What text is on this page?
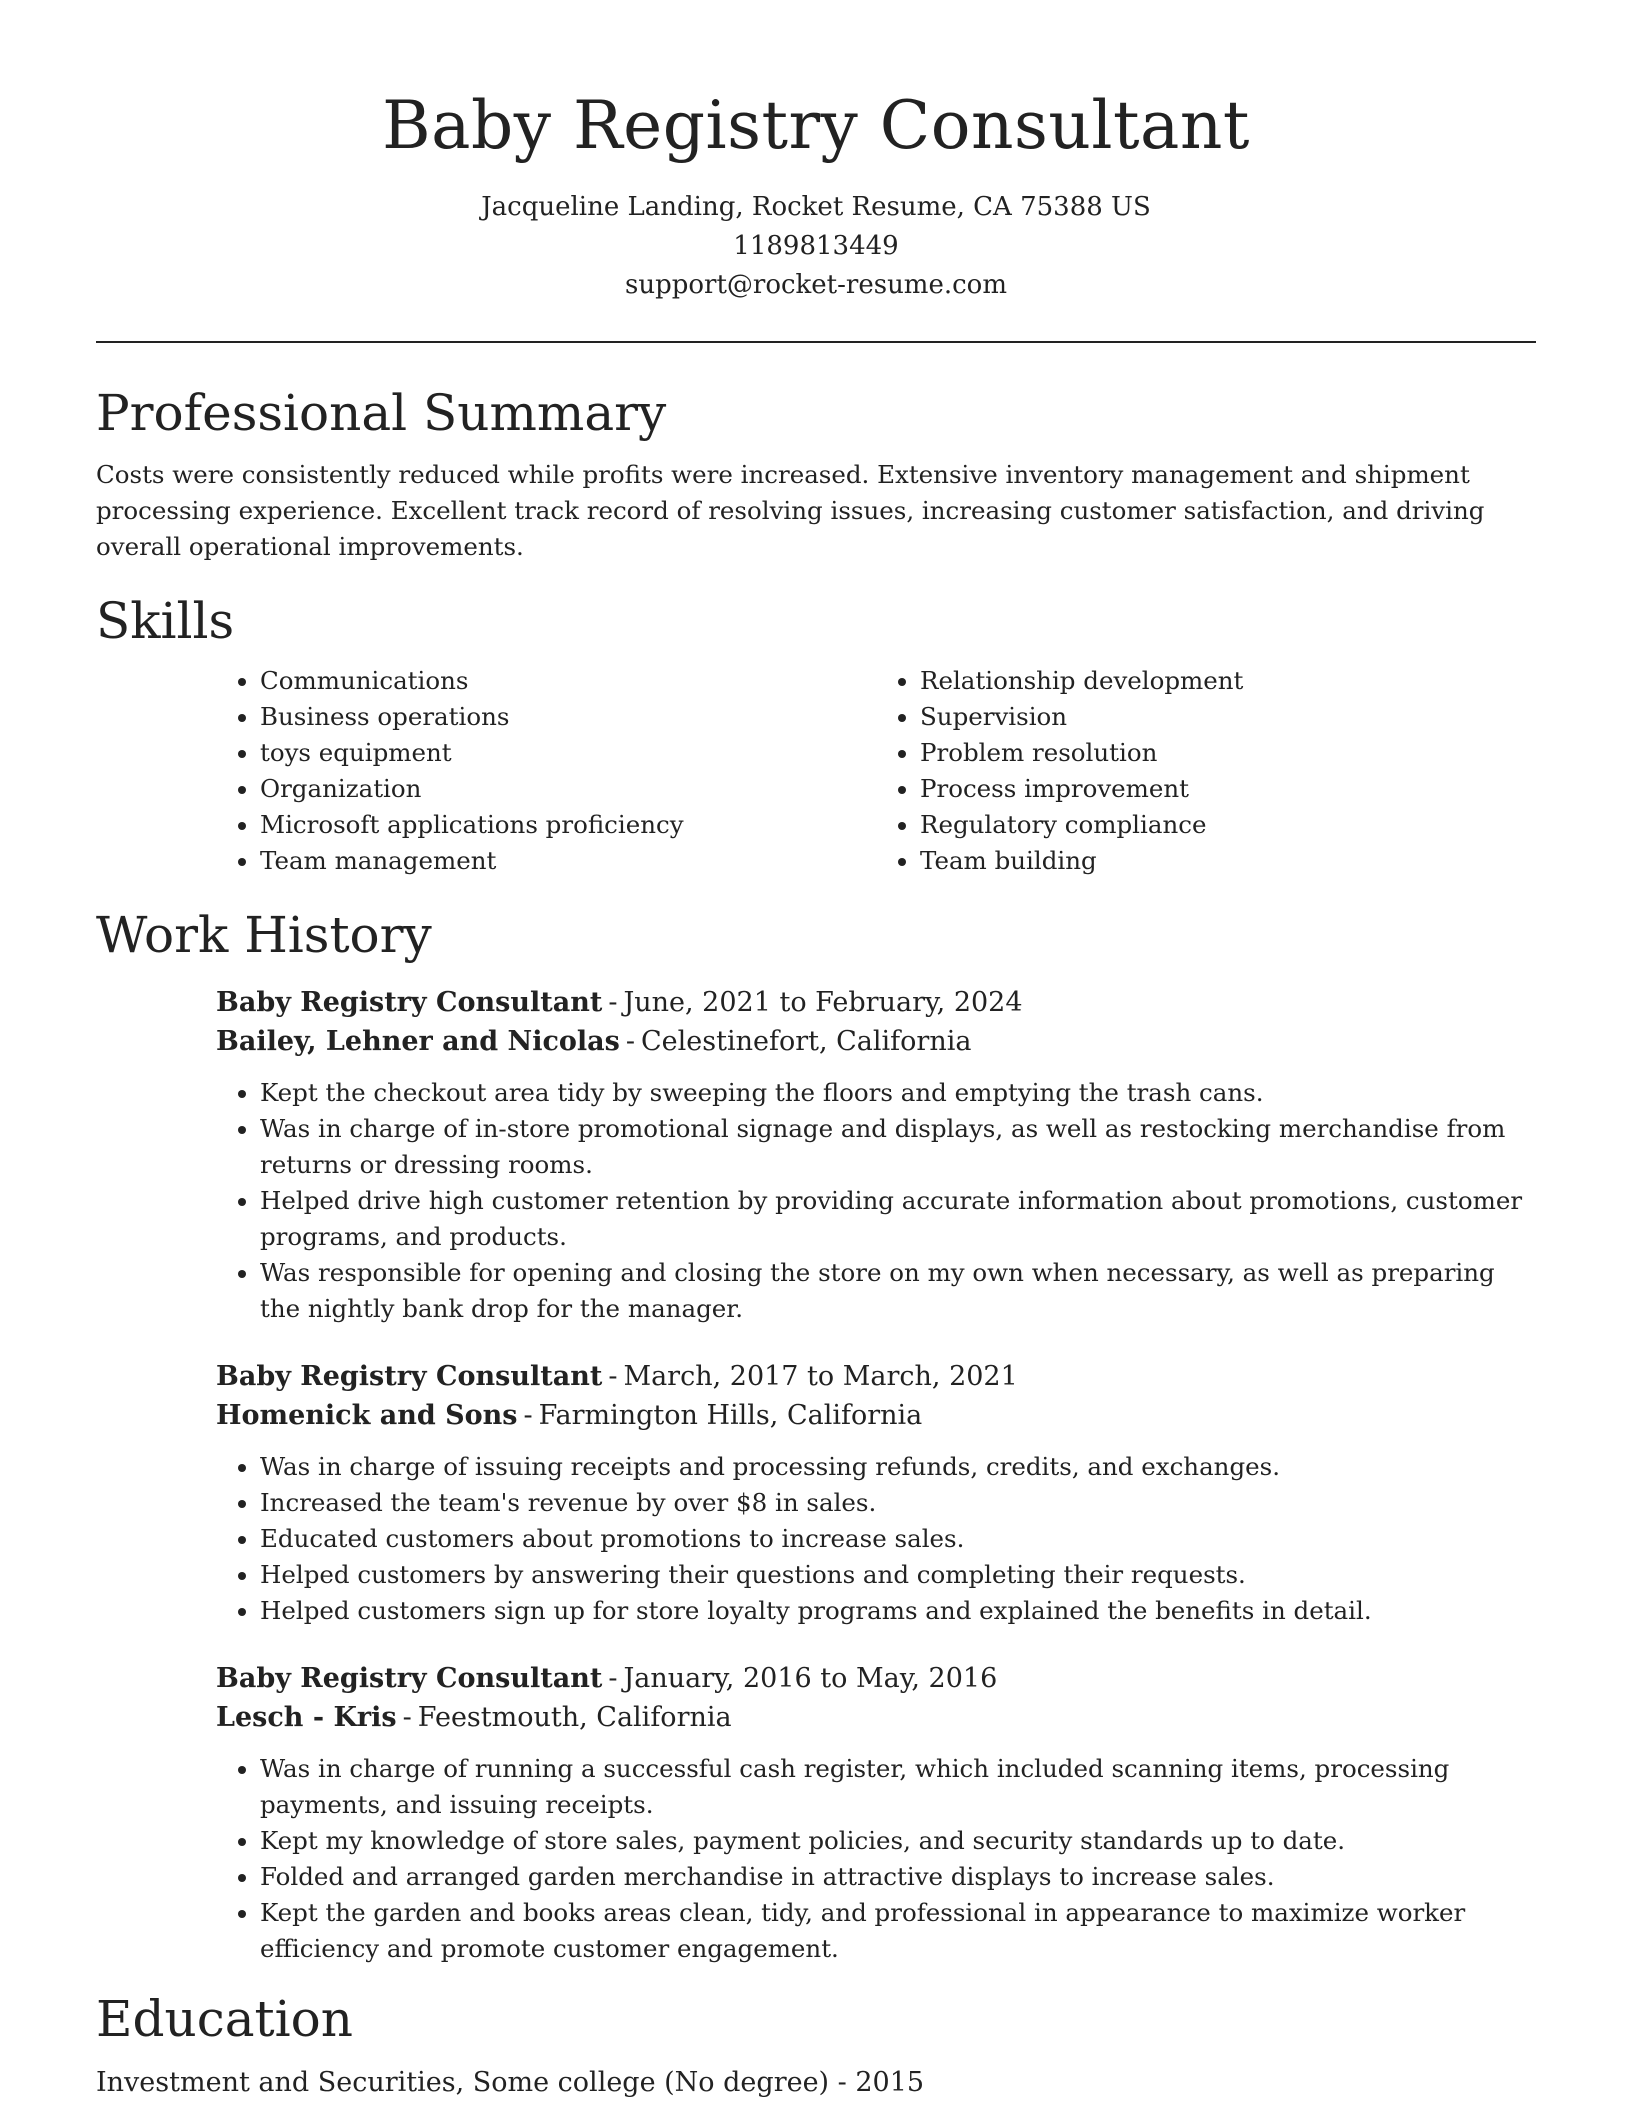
Baby Registry Consultant
Jacqueline Landing, Rocket Resume, CA 75388 US
1189813449
support@rocket-resume.com
Professional Summary

Costs were consistently reduced while profits were increased. Extensive inventory management and shipment processing experience. Excellent track record of resolving issues, increasing customer satisfaction, and driving overall operational improvements.

Skills
• Communications
• Business operations
• toys equipment
• Organization
• Microsoft applications proficiency
• Team management
• Relationship development
• Supervision
• Problem resolution
• Process improvement
• Regulatory compliance
• Team building
Work History

Baby Registry Consultant - June, 2021 to February, 2024

Bailey, Lehner and Nicolas - Celestinefort, California

• Kept the checkout area tidy by sweeping the floors and emptying the trash cans.
• Was in charge of in-store promotional signage and displays, as well as restocking merchandise from returns or dressing rooms.
• Helped drive high customer retention by providing accurate information about promotions, customer programs, and products.
• Was responsible for opening and closing the store on my own when necessary, as well as preparing the nightly bank drop for the manager.

Baby Registry Consultant - March, 2017 to March, 2021

Homenick and Sons - Farmington Hills, California

• Was in charge of issuing receipts and processing refunds, credits, and exchanges.
• Increased the team's revenue by over $8 in sales.
• Educated customers about promotions to increase sales.
• Helped customers by answering their questions and completing their requests.
• Helped customers sign up for store loyalty programs and explained the benefits in detail.

Baby Registry Consultant - January, 2016 to May, 2016

Lesch - Kris - Feestmouth, California

• Was in charge of running a successful cash register, which included scanning items, processing payments, and issuing receipts.
• Kept my knowledge of store sales, payment policies, and security standards up to date.
• Folded and arranged garden merchandise in attractive displays to increase sales.
• Kept the garden and books areas clean, tidy, and professional in appearance to maximize worker efficiency and promote customer engagement.
Education

Investment and Securities, Some college (No degree) - 2015
